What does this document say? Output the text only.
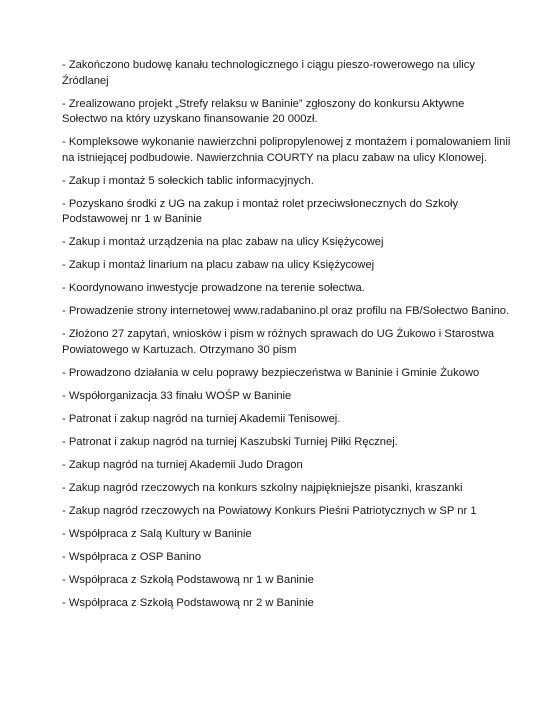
- Zakończono budowę kanału technologicznego i ciągu pieszo-rowerowego na ulicy Źródlanej

- Zrealizowano projekt „Strefy relaksu w Baninie” zgłoszony do konkursu Aktywne Sołectwo na który uzyskano finansowanie 20 000zł.

- Kompleksowe wykonanie nawierzchni polipropylenowej z montażem i pomalowaniem linii na istniejącej podbudowie. Nawierzchnia COURTY na placu zabaw na ulicy Klonowej.

- Zakup i montaż 5 sołeckich tablic informacyjnych.

- Pozyskano środki z UG na zakup i montaż rolet przeciwsłonecznych do Szkoły Podstawowej nr 1 w Baninie

- Zakup i montaż urządzenia na plac zabaw na ulicy Księżycowej

- Zakup i montaż linarium na placu zabaw na ulicy Księżycowej

- Koordynowano inwestycje prowadzone na terenie sołectwa.

- Prowadzenie strony internetowej www.radabanino.pl oraz profilu na FB/Sołectwo Banino.

- Złożono 27 zapytań, wniosków i pism w różnych sprawach do UG Żukowo i Starostwa Powiatowego w Kartuzach. Otrzymano 30 pism

- Prowadzono działania w celu poprawy bezpieczeństwa w Baninie i Gminie Żukowo

- Współorganizacja 33 finału WOŚP w Baninie

- Patronat i zakup nagród na turniej Akademii Tenisowej.

- Patronat i zakup nagród na turniej Kaszubski Turniej Piłki Ręcznej.

- Zakup nagród na turniej Akademii Judo Dragon

- Zakup nagród rzeczowych na konkurs szkolny najpiękniejsze pisanki, kraszanki

- Zakup nagród rzeczowych na Powiatowy Konkurs Pieśni Patriotycznych w SP nr 1

- Współpraca z Salą Kultury w Baninie

- Współpraca z OSP Banino

- Współpraca z Szkołą Podstawową nr 1 w Baninie

- Współpraca z Szkołą Podstawową nr 2 w Baninie
